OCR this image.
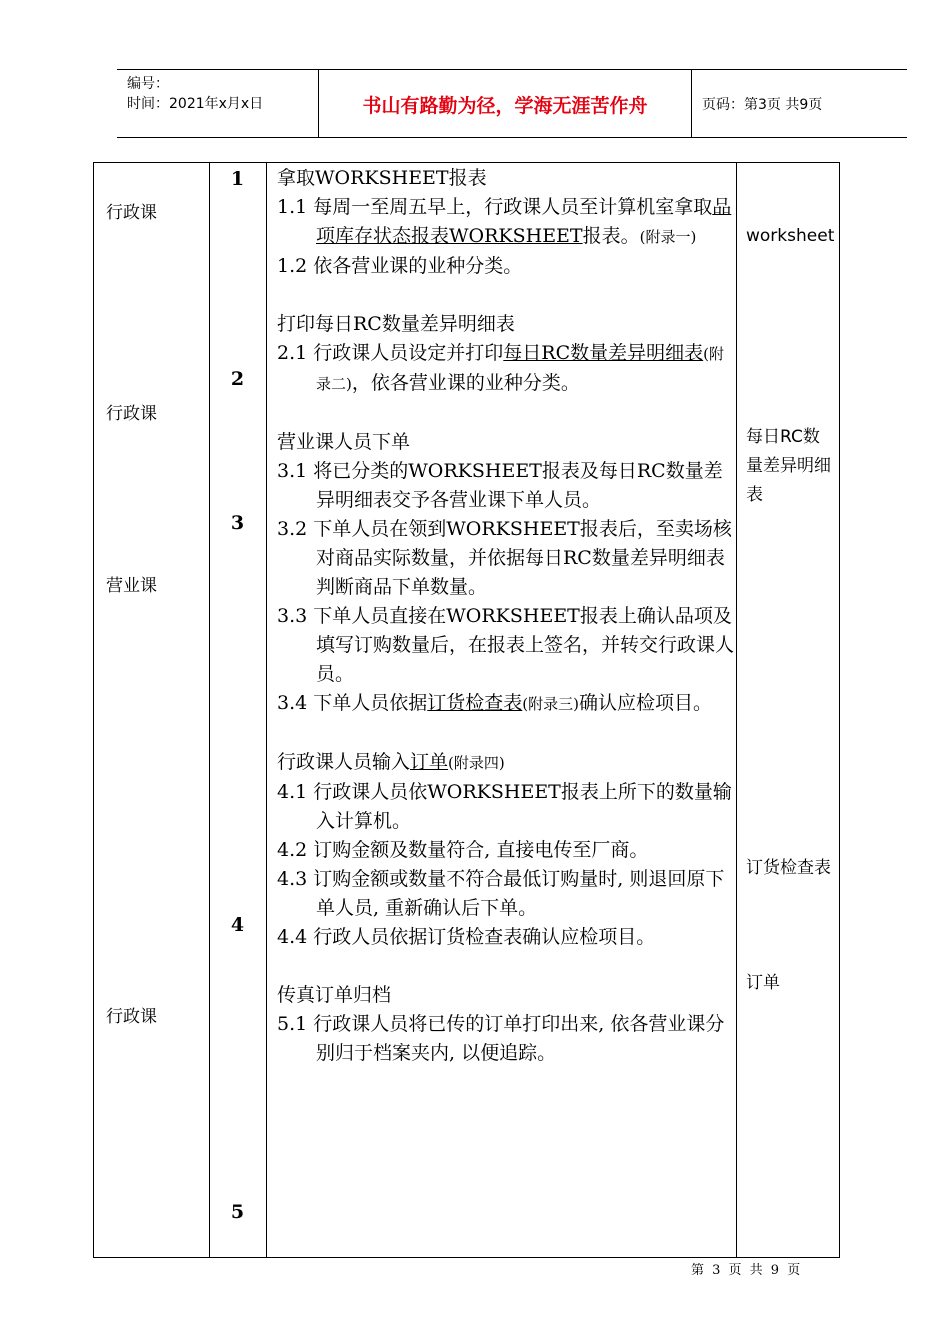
编号：
时间：2021年x月x日	书山有路勤为径，学海无涯苦作舟	页码：第3页 共9页
行政课
行政课
营业课
行政课
1
2
3
4
5

拿取WORKSHEET报表

1.1 每周一至周五早上，行政课人员至计算机室拿取品项库存状态报表WORKSHEET报表。(附录一)

1.2 依各营业课的业种分类。

打印每日RC数量差异明细表

2.1 行政课人员设定并打印每日RC数量差异明细表(附录二)，依各营业课的业种分类。

营业课人员下单

3.1 将已分类的WORKSHEET报表及每日RC数量差异明细表交予各营业课下单人员。

3.2 下单人员在领到WORKSHEET报表后，至卖场核对商品实际数量，并依据每日RC数量差异明细表判断商品下单数量。

3.3 下单人员直接在WORKSHEET报表上确认品项及填写订购数量后，在报表上签名，并转交行政课人员。

3.4 下单人员依据订货检查表(附录三)确认应检项目。

行政课人员输入订单(附录四)

4.1 行政课人员依WORKSHEET报表上所下的数量输入计算机。

4.2 订购金额及数量符合, 直接电传至厂商。

4.3 订购金额或数量不符合最低订购量时, 则退回原下单人员, 重新确认后下单。

4.4 行政人员依据订货检查表确认应检项目。

传真订单归档

5.1 行政课人员将已传的订单打印出来, 依各营业课分别归于档案夹内, 以便追踪。

worksheet
每日RC数量差异明细表
订货检查表
订单
第 3 页 共 9 页
